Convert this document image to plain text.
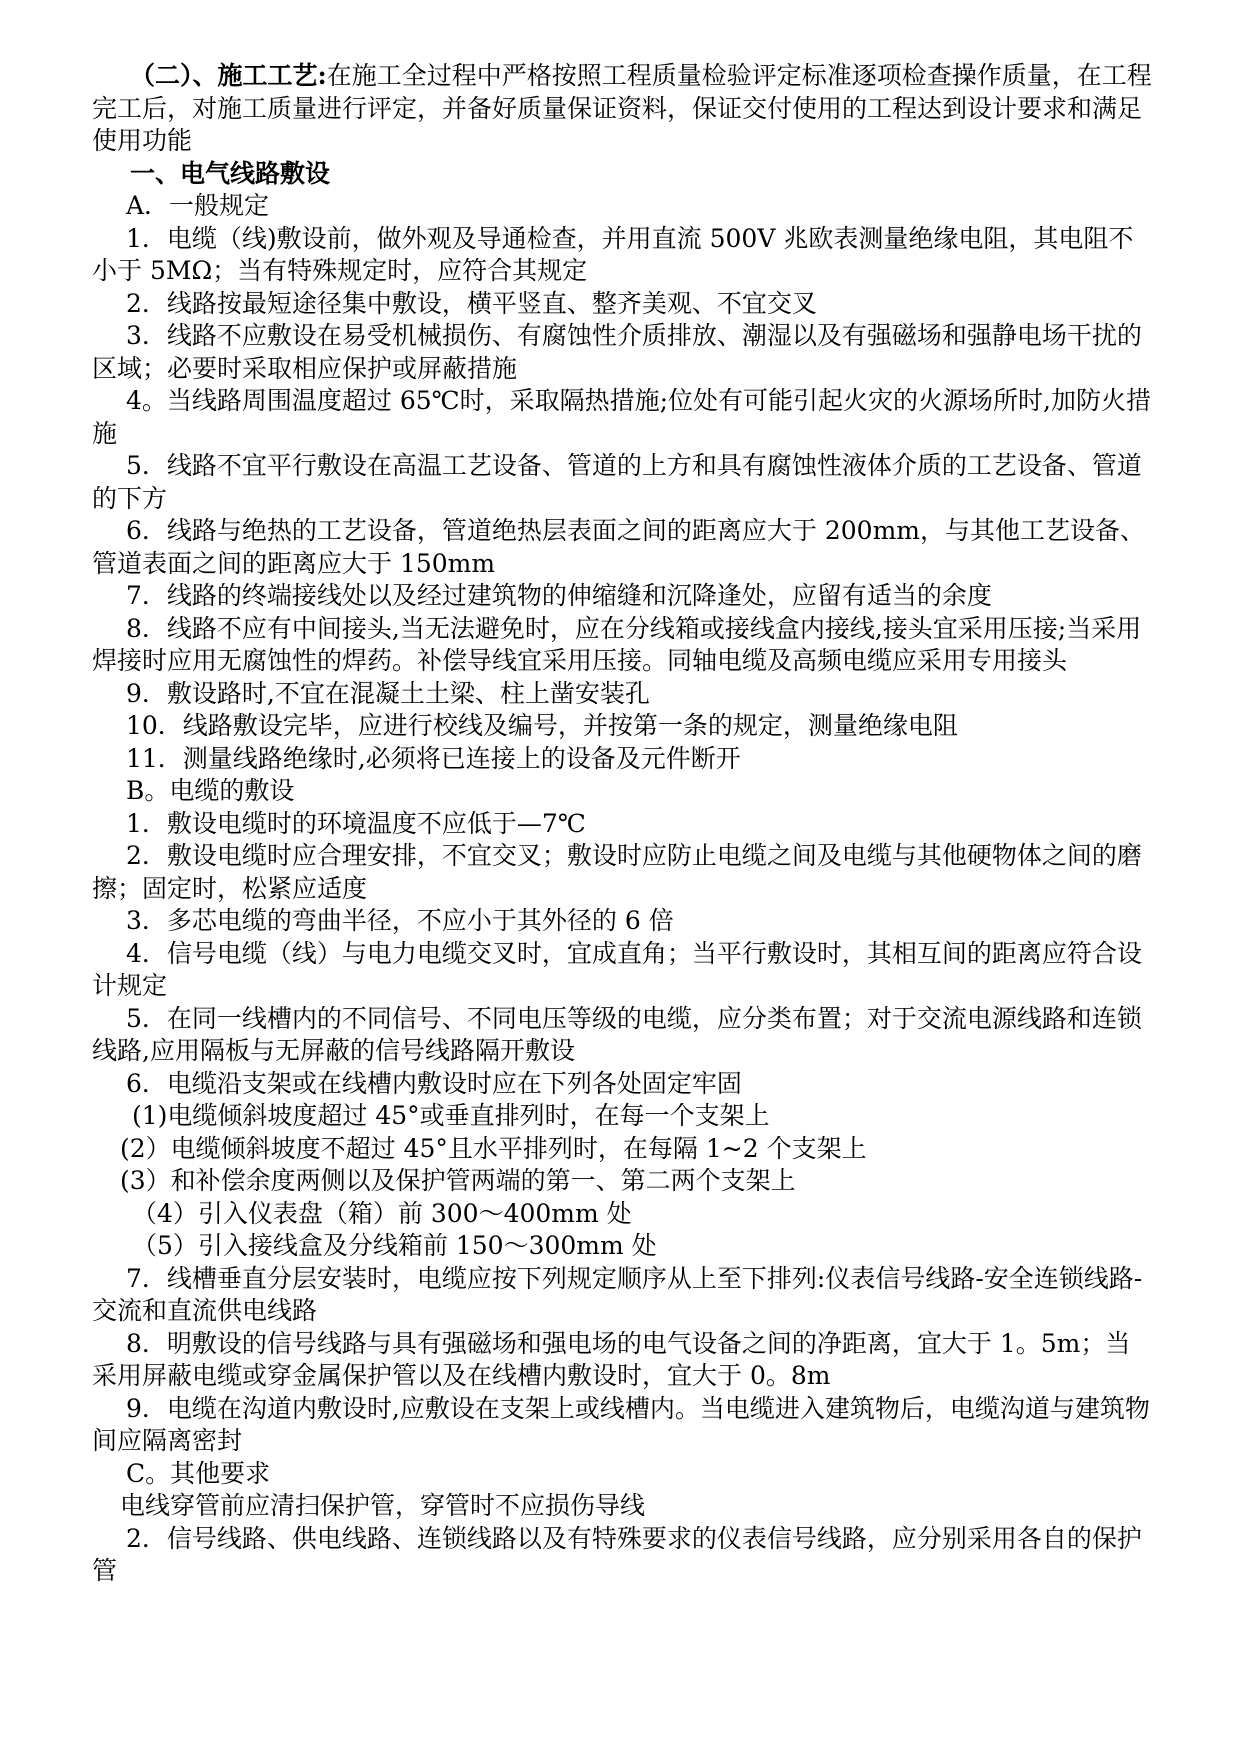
（二）、施工工艺:在施工全过程中严格按照工程质量检验评定标准逐项检查操作质量，在工程完工后，对施工质量进行评定，并备好质量保证资料，保证交付使用的工程达到设计要求和满足使用功能

一、电气线路敷设

A．一般规定

1．电缆（线)敷设前，做外观及导通检查，并用直流 500V 兆欧表测量绝缘电阻，其电阻不小于 5MΩ；当有特殊规定时，应符合其规定

2．线路按最短途径集中敷设，横平竖直、整齐美观、不宜交叉

3．线路不应敷设在易受机械损伤、有腐蚀性介质排放、潮湿以及有强磁场和强静电场干扰的区域；必要时采取相应保护或屏蔽措施

4。当线路周围温度超过 65℃时，采取隔热措施;位处有可能引起火灾的火源场所时,加防火措施

5．线路不宜平行敷设在高温工艺设备、管道的上方和具有腐蚀性液体介质的工艺设备、管道的下方

6．线路与绝热的工艺设备，管道绝热层表面之间的距离应大于 200mm，与其他工艺设备、管道表面之间的距离应大于 150mm

7．线路的终端接线处以及经过建筑物的伸缩缝和沉降逢处，应留有适当的余度

8．线路不应有中间接头,当无法避免时，应在分线箱或接线盒内接线,接头宜采用压接;当采用焊接时应用无腐蚀性的焊药。补偿导线宜采用压接。同轴电缆及高频电缆应采用专用接头

9．敷设路时,不宜在混凝土土梁、柱上凿安装孔

10．线路敷设完毕，应进行校线及编号，并按第一条的规定，测量绝缘电阻

11．测量线路绝缘时,必须将已连接上的设备及元件断开

B。电缆的敷设

1．敷设电缆时的环境温度不应低于—7℃

2．敷设电缆时应合理安排，不宜交叉；敷设时应防止电缆之间及电缆与其他硬物体之间的磨擦；固定时，松紧应适度

3．多芯电缆的弯曲半径，不应小于其外径的 6 倍

4．信号电缆（线）与电力电缆交叉时，宜成直角；当平行敷设时，其相互间的距离应符合设计规定

5．在同一线槽内的不同信号、不同电压等级的电缆，应分类布置；对于交流电源线路和连锁线路,应用隔板与无屏蔽的信号线路隔开敷设

6．电缆沿支架或在线槽内敷设时应在下列各处固定牢固

(1)电缆倾斜坡度超过 45°或垂直排列时，在每一个支架上

(2）电缆倾斜坡度不超过 45°且水平排列时，在每隔 1~2 个支架上

(3）和补偿余度两侧以及保护管两端的第一、第二两个支架上

（4）引入仪表盘（箱）前 300～400mm 处

（5）引入接线盒及分线箱前 150～300mm 处

7．线槽垂直分层安装时，电缆应按下列规定顺序从上至下排列:仪表信号线路-安全连锁线路-交流和直流供电线路

8．明敷设的信号线路与具有强磁场和强电场的电气设备之间的净距离，宜大于 1。5m；当采用屏蔽电缆或穿金属保护管以及在线槽内敷设时，宜大于 0。8m

9．电缆在沟道内敷设时,应敷设在支架上或线槽内。当电缆进入建筑物后，电缆沟道与建筑物间应隔离密封

C。其他要求

电线穿管前应清扫保护管，穿管时不应损伤导线

2．信号线路、供电线路、连锁线路以及有特殊要求的仪表信号线路，应分别采用各自的保护管
